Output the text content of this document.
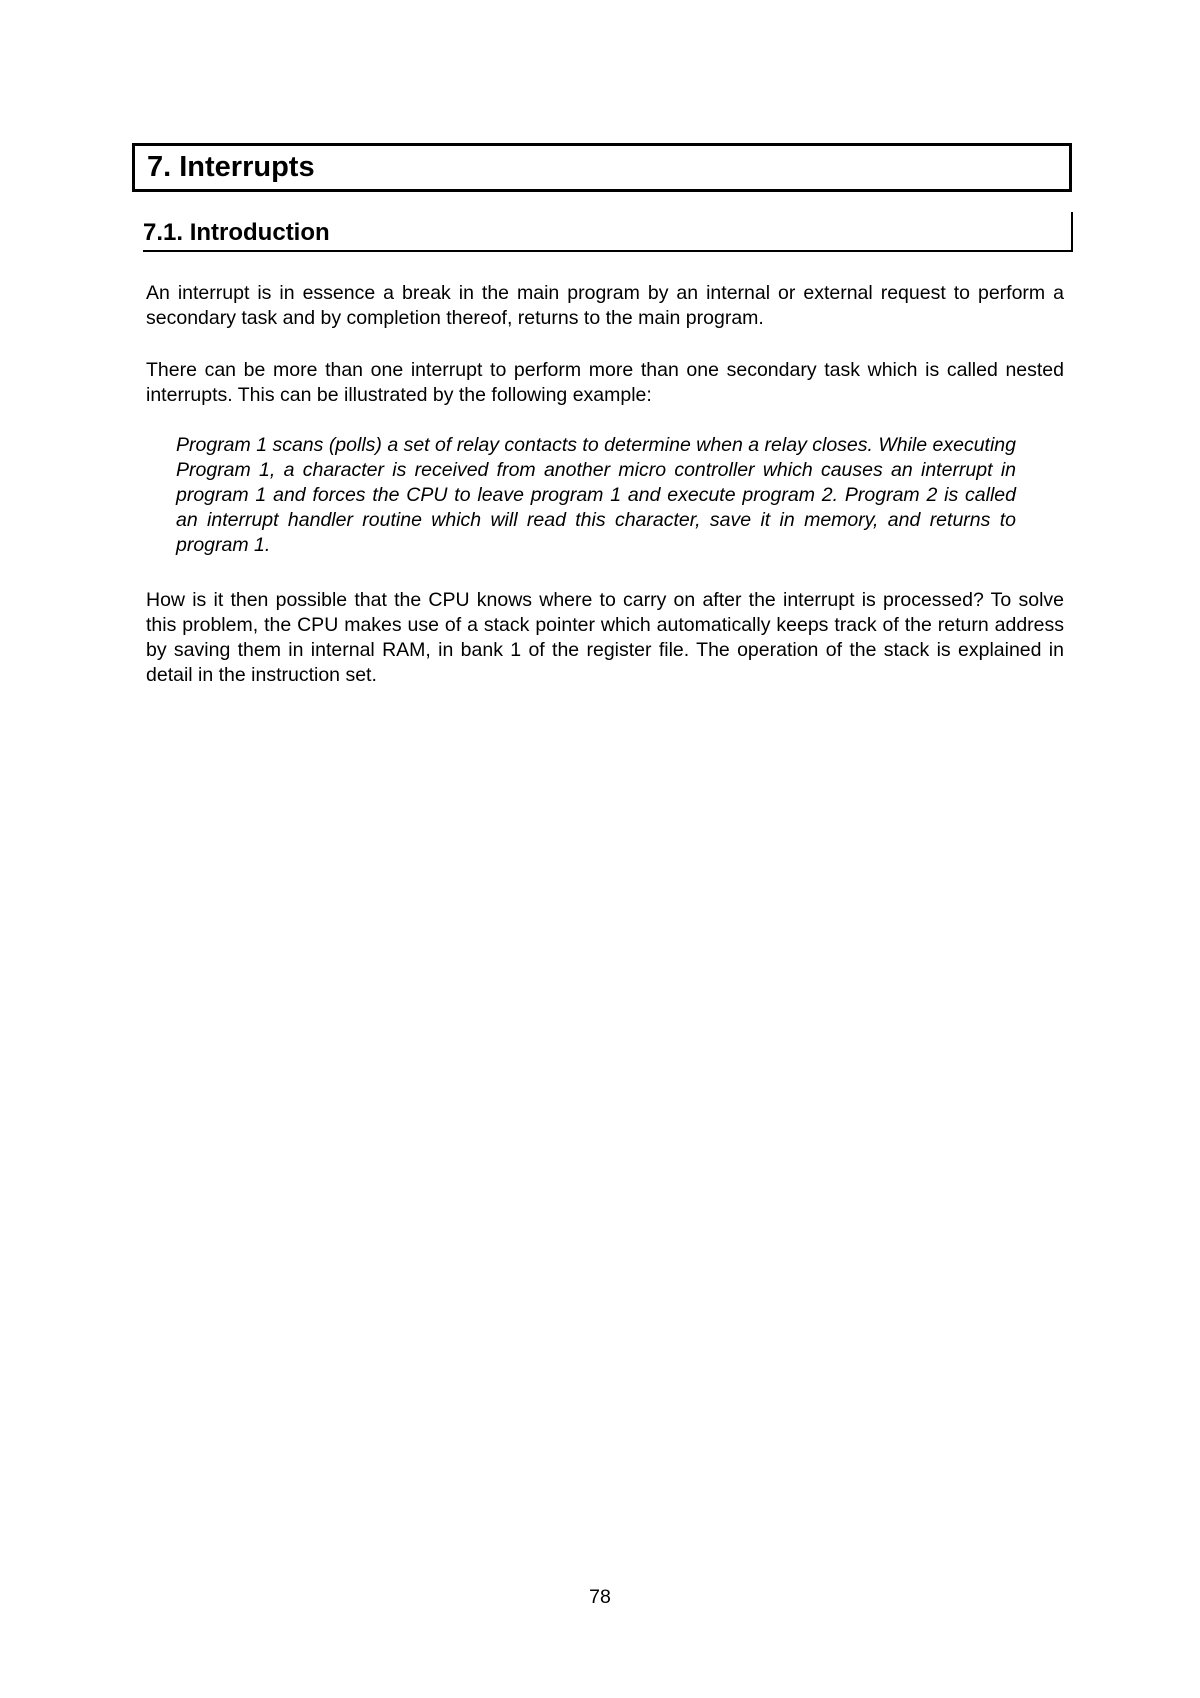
7. Interrupts
7.1. Introduction

An interrupt is in essence a break in the main program by an internal or external request to perform a secondary task and by completion thereof, returns to the main program.

There can be more than one interrupt to perform more than one secondary task which is called nested interrupts. This can be illustrated by the following example:

Program 1 scans (polls) a set of relay contacts to determine when a relay closes. While executing Program 1, a character is received from another micro controller which causes an interrupt in program 1 and forces the CPU to leave program 1 and execute program 2. Program 2 is called an interrupt handler routine which will read this character, save it in memory, and returns to program 1.

How is it then possible that the CPU knows where to carry on after the interrupt is processed? To solve this problem, the CPU makes use of a stack pointer which automatically keeps track of the return address by saving them in internal RAM, in bank 1 of the register file. The operation of the stack is explained in detail in the instruction set.

78
